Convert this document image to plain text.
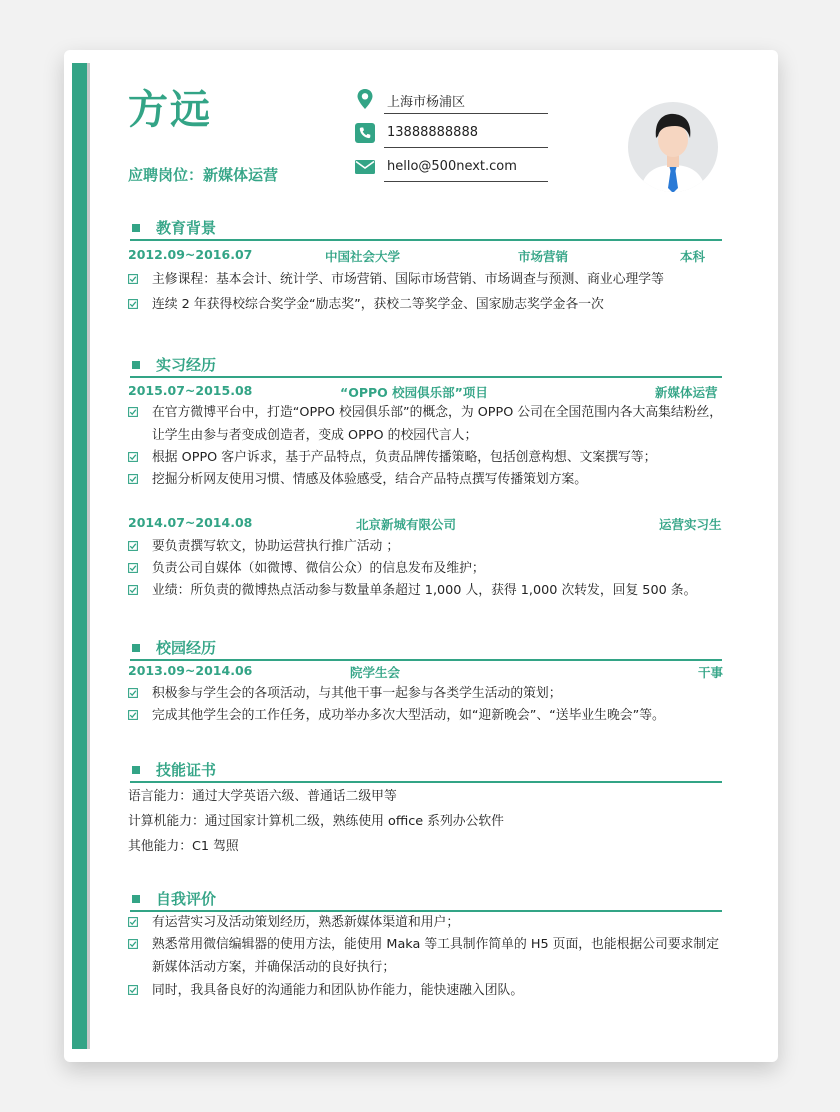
方远
应聘岗位：新媒体运营
上海市杨浦区
13888888888
hello@500next.com
教育背景
2012.09~2016.07	中国社会大学	市场营销	本科
主修课程：基本会计、统计学、市场营销、国际市场营销、市场调查与预测、商业心理学等
连续 2 年获得校综合奖学金“励志奖”，获校二等奖学金、国家励志奖学金各一次
实习经历
2015.07~2015.08	“OPPO 校园俱乐部”项目	新媒体运营
在官方微博平台中，打造“OPPO 校园俱乐部”的概念，为 OPPO 公司在全国范围内各大高集结粉丝，让学生由参与者变成创造者，变成 OPPO 的校园代言人；
根据 OPPO 客户诉求，基于产品特点，负责品牌传播策略，包括创意构想、文案撰写等；
挖掘分析网友使用习惯、情感及体验感受，结合产品特点撰写传播策划方案。
2014.07~2014.08	北京新城有限公司	运营实习生
要负责撰写软文，协助运营执行推广活动 ；
负责公司自媒体（如微博、微信公众）的信息发布及维护；
业绩：所负责的微博热点活动参与数量单条超过 1,000 人，获得 1,000 次转发，回复 500 条。
校园经历
2013.09~2014.06	院学生会	干事
积极参与学生会的各项活动，与其他干事一起参与各类学生活动的策划；
完成其他学生会的工作任务，成功举办多次大型活动，如“迎新晚会”、“送毕业生晚会”等。
技能证书
语言能力：通过大学英语六级、普通话二级甲等
计算机能力：通过国家计算机二级，熟练使用 office 系列办公软件
其他能力：C1 驾照
自我评价
有运营实习及活动策划经历，熟悉新媒体渠道和用户；
熟悉常用微信编辑器的使用方法，能使用 Maka 等工具制作简单的 H5 页面，也能根据公司要求制定新媒体活动方案，并确保活动的良好执行；
同时，我具备良好的沟通能力和团队协作能力，能快速融入团队。
